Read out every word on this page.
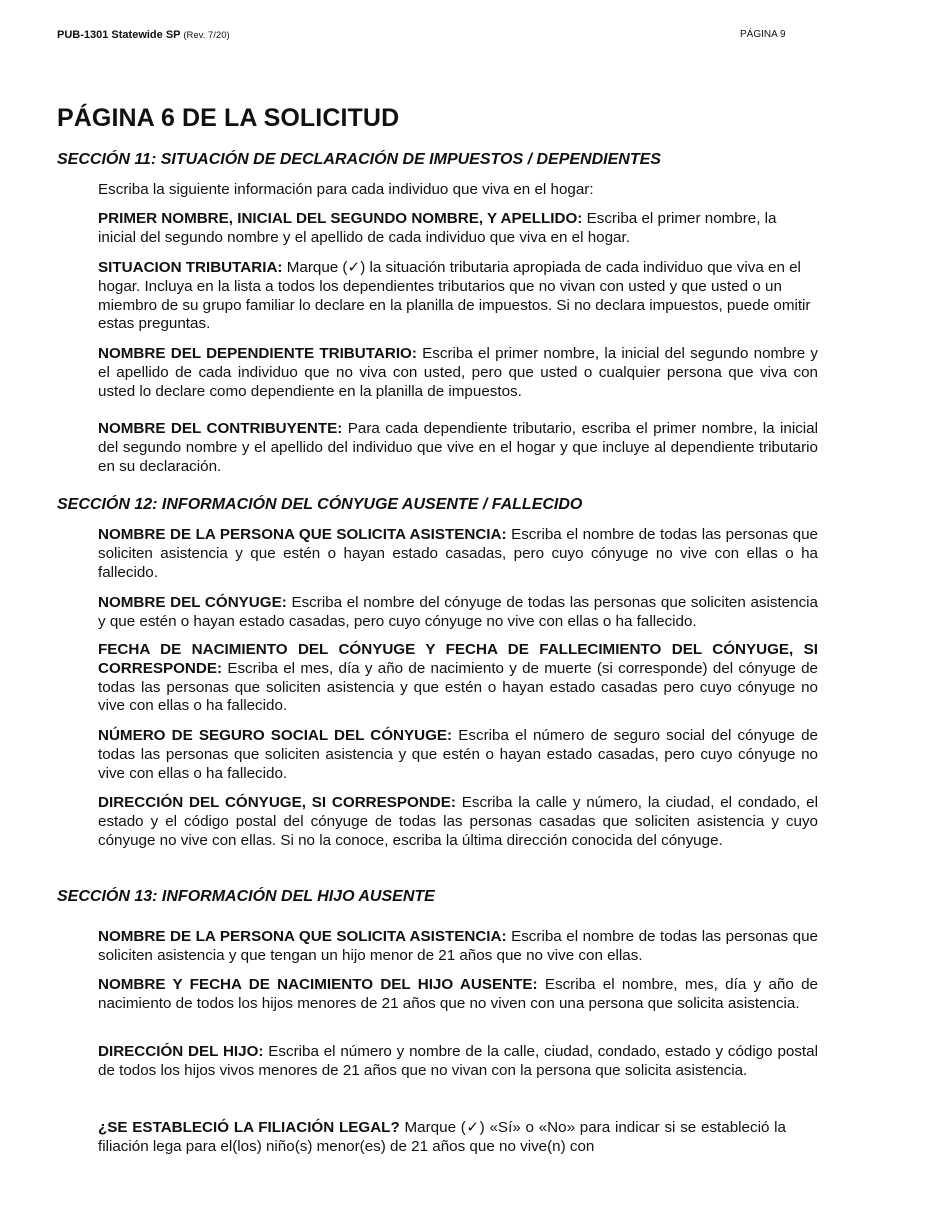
PUB-1301 Statewide SP (Rev. 7/20)	PÁGINA 9
PÁGINA 6 DE LA SOLICITUD
SECCIÓN 11: SITUACIÓN DE DECLARACIÓN DE IMPUESTOS / DEPENDIENTES

Escriba la siguiente información para cada individuo que viva en el hogar:

PRIMER NOMBRE, INICIAL DEL SEGUNDO NOMBRE, Y APELLIDO: Escriba el primer nombre, la inicial del segundo nombre y el apellido de cada individuo que viva en el hogar.

SITUACION TRIBUTARIA: Marque (✓) la situación tributaria apropiada de cada individuo que viva en el hogar. Incluya en la lista a todos los dependientes tributarios que no vivan con usted y que usted o un miembro de su grupo familiar lo declare en la planilla de impuestos. Si no declara impuestos, puede omitir estas preguntas.

NOMBRE DEL DEPENDIENTE TRIBUTARIO: Escriba el primer nombre, la inicial del segundo nombre y el apellido de cada individuo que no viva con usted, pero que usted o cualquier persona que viva con usted lo declare como dependiente en la planilla de impuestos.

NOMBRE DEL CONTRIBUYENTE: Para cada dependiente tributario, escriba el primer nombre, la inicial del segundo nombre y el apellido del individuo que vive en el hogar y que incluye al dependiente tributario en su declaración.

SECCIÓN 12: INFORMACIÓN DEL CÓNYUGE AUSENTE / FALLECIDO

NOMBRE DE LA PERSONA QUE SOLICITA ASISTENCIA: Escriba el nombre de todas las personas que soliciten asistencia y que estén o hayan estado casadas, pero cuyo cónyuge no vive con ellas o ha fallecido.

NOMBRE DEL CÓNYUGE: Escriba el nombre del cónyuge de todas las personas que soliciten asistencia y que estén o hayan estado casadas, pero cuyo cónyuge no vive con ellas o ha fallecido.

FECHA DE NACIMIENTO DEL CÓNYUGE Y FECHA DE FALLECIMIENTO DEL CÓNYUGE, SI CORRESPONDE: Escriba el mes, día y año de nacimiento y de muerte (si corresponde) del cónyuge de todas las personas que soliciten asistencia y que estén o hayan estado casadas pero cuyo cónyuge no vive con ellas o ha fallecido.

NÚMERO DE SEGURO SOCIAL DEL CÓNYUGE: Escriba el número de seguro social del cónyuge de todas las personas que soliciten asistencia y que estén o hayan estado casadas, pero cuyo cónyuge no vive con ellas o ha fallecido.

DIRECCIÓN DEL CÓNYUGE, SI CORRESPONDE: Escriba la calle y número, la ciudad, el condado, el estado y el código postal del cónyuge de todas las personas casadas que soliciten asistencia y cuyo cónyuge no vive con ellas. Si no la conoce, escriba la última dirección conocida del cónyuge.

SECCIÓN 13: INFORMACIÓN DEL HIJO AUSENTE

NOMBRE DE LA PERSONA QUE SOLICITA ASISTENCIA: Escriba el nombre de todas las personas que soliciten asistencia y que tengan un hijo menor de 21 años que no vive con ellas.

NOMBRE Y FECHA DE NACIMIENTO DEL HIJO AUSENTE: Escriba el nombre, mes, día y año de nacimiento de todos los hijos menores de 21 años que no viven con una persona que solicita asistencia.

DIRECCIÓN DEL HIJO: Escriba el número y nombre de la calle, ciudad, condado, estado y código postal de todos los hijos vivos menores de 21 años que no vivan con la persona que solicita asistencia.

¿SE ESTABLECIÓ LA FILIACIÓN LEGAL? Marque (✓) «Sí» o «No» para indicar si se estableció la filiación lega para el(los) niño(s) menor(es) de 21 años que no vive(n) con
